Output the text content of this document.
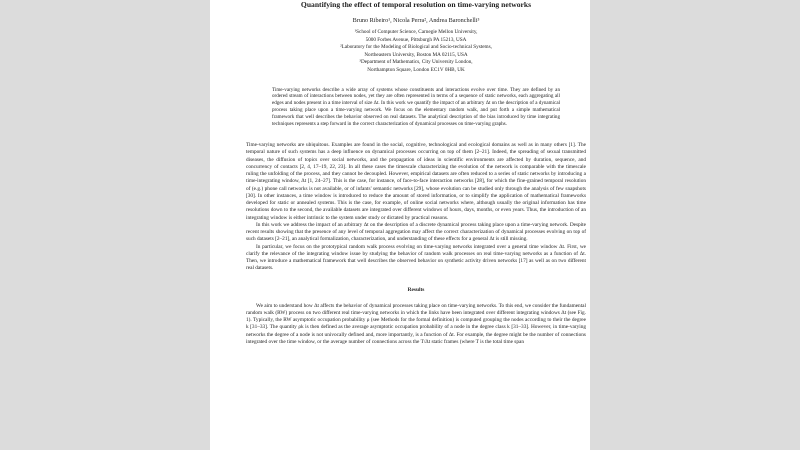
Quantifying the effect of temporal resolution on time-varying networks
Bruno Ribeiro¹, Nicola Perra², Andrea Baronchelli³
¹School of Computer Science, Carnegie Mellon University,
5000 Forbes Avenue, Pittsburgh PA 15213, USA
²Laboratory for the Modeling of Biological and Socio-technical Systems,
Northeastern University, Boston MA 02115, USA
³Department of Mathematics, City University London,
Northampton Square, London EC1V 0HB, UK
Time-varying networks describe a wide array of systems whose constituents and interactions evolve over time. They are defined by an ordered stream of interactions between nodes, yet they are often represented in terms of a sequence of static networks, each aggregating all edges and nodes present in a time interval of size Δt. In this work we quantify the impact of an arbitrary Δt on the description of a dynamical process taking place upon a time-varying network. We focus on the elementary random walk, and put forth a simple mathematical framework that well describes the behavior observed on real datasets. The analytical description of the bias introduced by time integrating techniques represents a step forward in the correct characterization of dynamical processes on time-varying graphs.

Time-varying networks are ubiquitous. Examples are found in the social, cognitive, technological and ecological domains as well as in many others [1]. The temporal nature of such systems has a deep influence on dynamical processes occurring on top of them [2–21]. Indeed, the spreading of sexual transmitted diseases, the diffusion of topics over social networks, and the propagation of ideas in scientific environments are affected by duration, sequence, and concurrency of contacts [2, 4, 17–19, 22, 23]. In all these cases the timescale characterizing the evolution of the network is comparable with the timescale ruling the unfolding of the process, and they cannot be decoupled. However, empirical datasets are often reduced to a series of static networks by introducing a time-integrating window, Δt [1, 24–27]. This is the case, for instance, of face-to-face interaction networks [28], for which the fine-grained temporal resolution of (e.g.) phone call networks is not available, or of infants' semantic networks [29], whose evolution can be studied only through the analysis of few snapshots [30]. In other instances, a time window is introduced to reduce the amount of stored information, or to simplify the application of mathematical frameworks developed for static or annealed systems. This is the case, for example, of online social networks where, although usually the original information has time resolutions down to the second, the available datasets are integrated over different windows of hours, days, months, or even years. Thus, the introduction of an integrating window is either intrinsic to the system under study or dictated by practical reasons.

In this work we address the impact of an arbitrary Δt on the description of a discrete dynamical process taking place upon a time-varying network. Despite recent results showing that the presence of any level of temporal aggregation may affect the correct characterization of dynamical processes evolving on top of such datasets [2–21], an analytical formalization, characterization, and understanding of these effects for a general Δt is still missing.

In particular, we focus on the prototypical random walk process evolving on time-varying networks integrated over a general time window Δt. First, we clarify the relevance of the integrating window issue by studying the behavior of random walk processes on real time-varying networks as a function of Δt. Then, we introduce a mathematical framework that well describes the observed behavior on synthetic activity driven networks [17] as well as on two different real datasets.

Results

We aim to understand how Δt affects the behavior of dynamical processes taking place on time-varying networks. To this end, we consider the fundamental random walk (RW) process on two different real time-varying networks in which the links have been integrated over different integrating windows Δt (see Fig. 1). Typically, the RW asymptotic occupation probability ρ (see Methods for the formal definition) is computed grouping the nodes according to their the degree k [31–33]. The quantity ρk is then defined as the average asymptotic occupation probability of a node in the degree class k [31–33]. However, in time-varying networks the degree of a node is not univocally defined and, more importantly, is a function of Δt. For example, the degree might be the number of connections integrated over the time window, or the average number of connections across the T/Δt static frames (where T is the total time span
